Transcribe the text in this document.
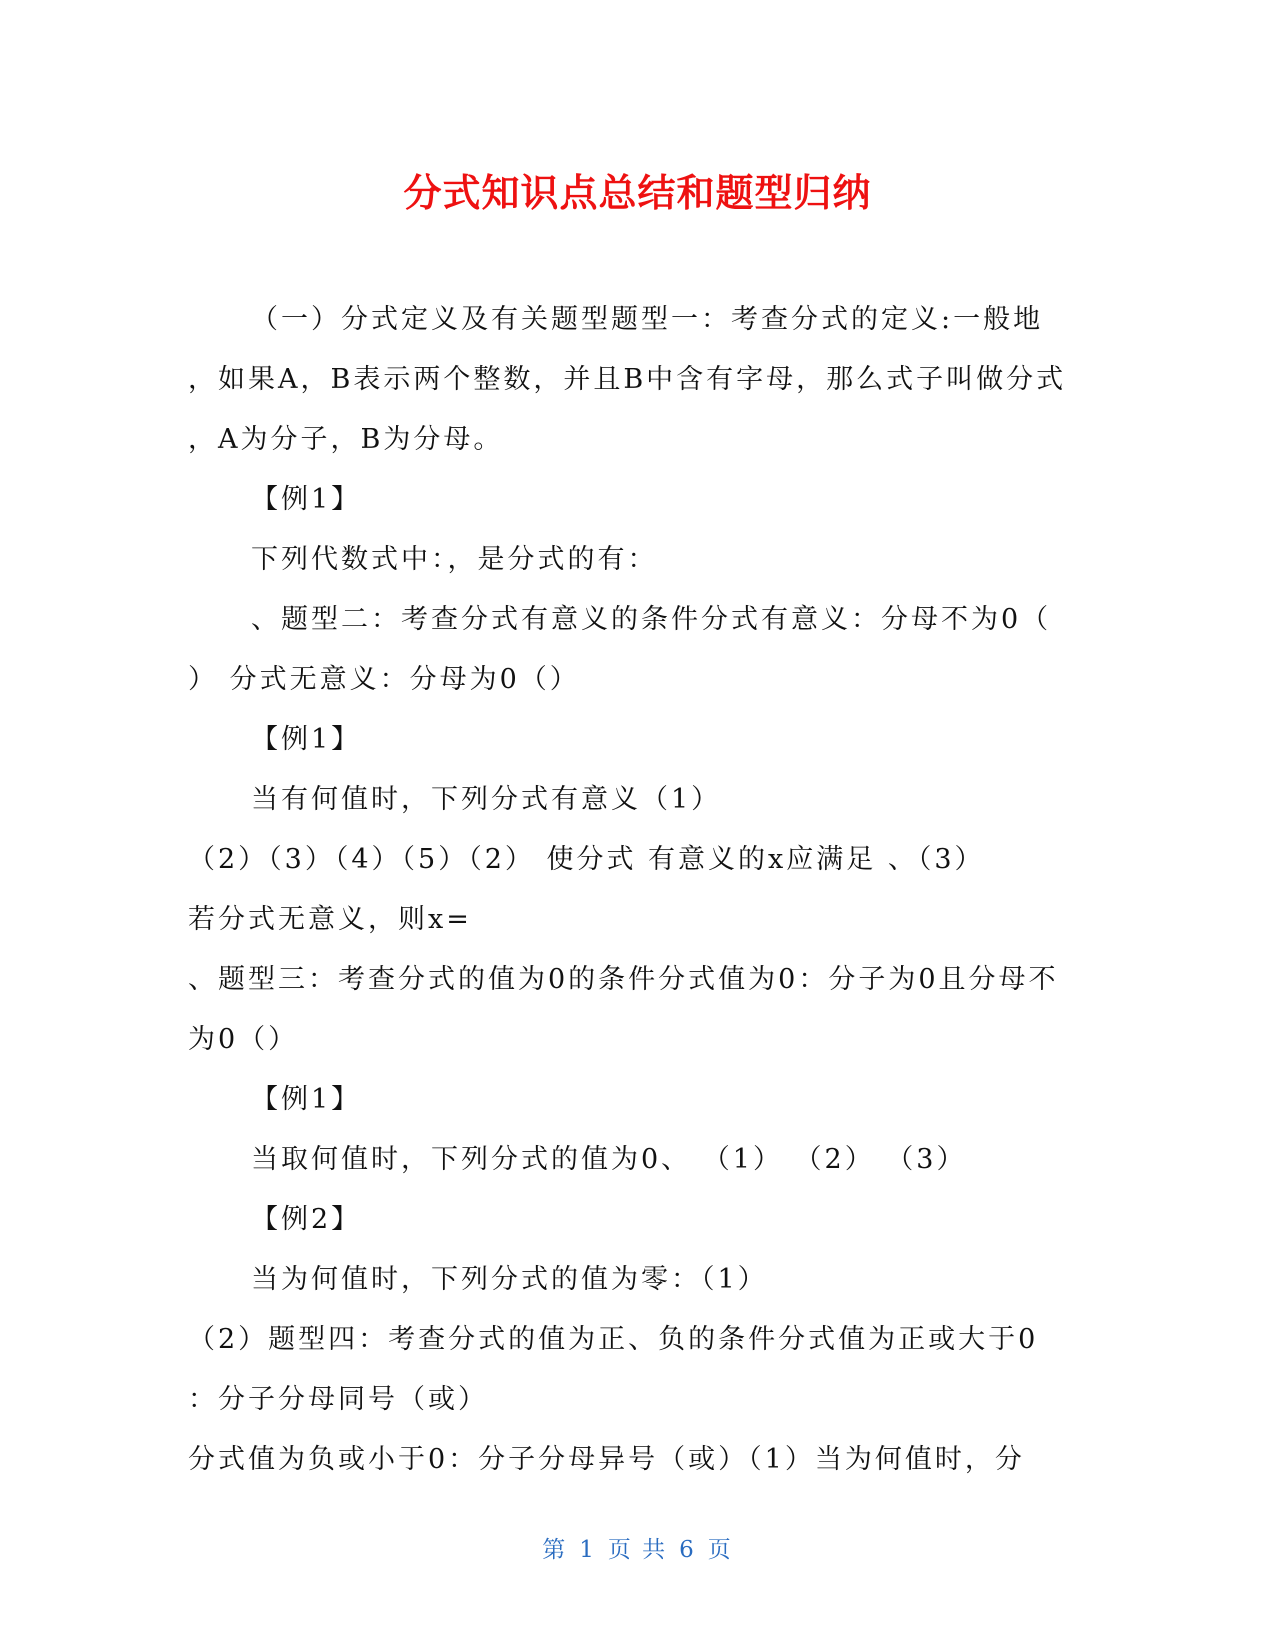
分式知识点总结和题型归纳
（一）分式定义及有关题型题型一：考查分式的定义:一般地
，如果A，B表示两个整数，并且B中含有字母，那么式子叫做分式
，A为分子，B为分母。
【例1】
下列代数式中：，是分式的有：
、题型二：考查分式有意义的条件分式有意义：分母不为0（
） 分式无意义：分母为0（）
【例1】
当有何值时，下列分式有意义（1）
（2）（3）（4）（5）（2） 使分式 有意义的x应满足 、（3）
若分式无意义，则x=
、题型三：考查分式的值为0的条件分式值为0：分子为0且分母不
为0（）
【例1】
当取何值时，下列分式的值为0、 （1） （2） （3）
【例2】
当为何值时，下列分式的值为零：（1）
（2）题型四：考查分式的值为正、负的条件分式值为正或大于0
：分子分母同号（或）
分式值为负或小于0：分子分母异号（或）（1）当为何值时，分
第 1 页 共 6 页
